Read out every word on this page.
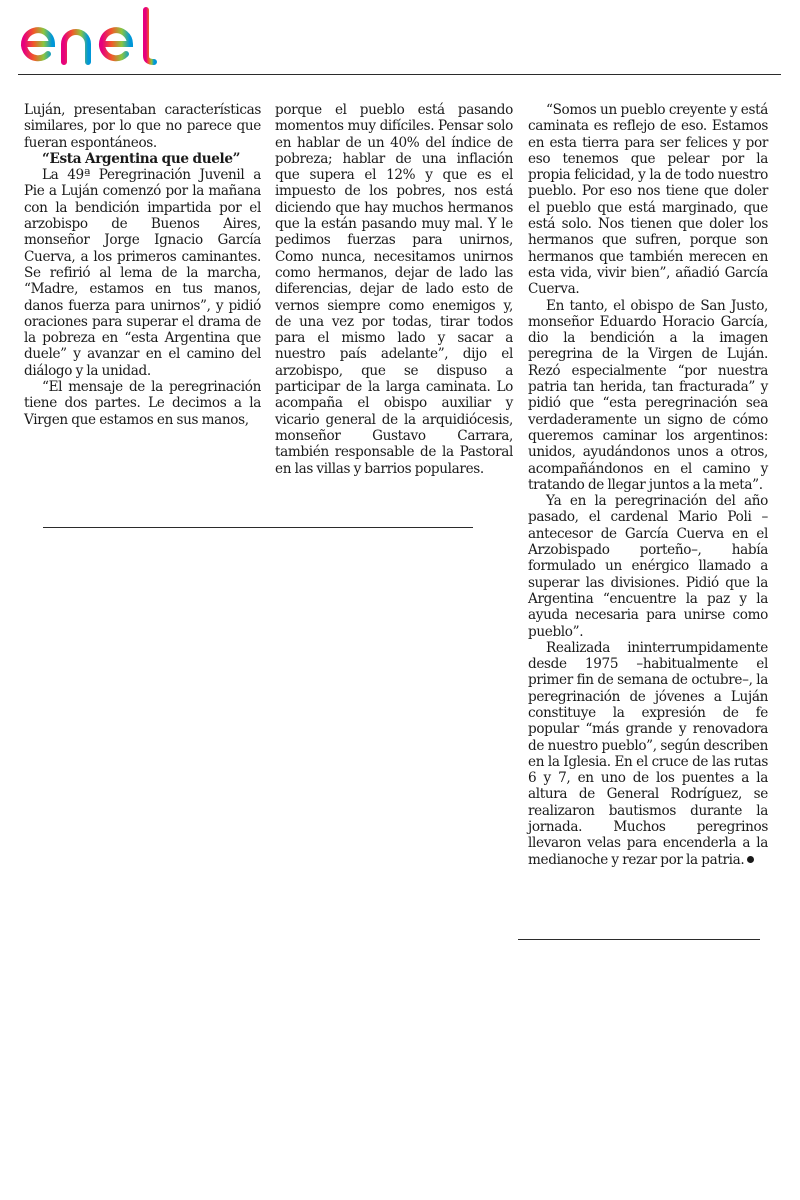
Luján, presentaban características similares, por lo que no parece que fueran espontáneos.

“Esta Argentina que duele”

La 49ª Peregrinación Juvenil a Pie a Luján comenzó por la mañana con la bendición impartida por el arzobispo de Buenos Aires, monseñor Jorge Ignacio García Cuerva, a los primeros caminantes. Se refirió al lema de la marcha, “Madre, estamos en tus manos, danos fuerza para unirnos”, y pidió oraciones para superar el drama de la pobreza en “esta Argentina que duele” y avanzar en el camino del diálogo y la unidad.

“El mensaje de la peregrinación tiene dos partes. Le decimos a la Virgen que estamos en sus manos,

porque el pueblo está pasando momentos muy difíciles. Pensar solo en hablar de un 40% del índice de pobreza; hablar de una inflación que supera el 12% y que es el impuesto de los pobres, nos está diciendo que hay muchos hermanos que la están pasando muy mal. Y le pedimos fuerzas para unirnos, Como nunca, necesitamos unirnos como hermanos, dejar de lado las diferencias, dejar de lado esto de vernos siempre como enemigos y, de una vez por todas, tirar todos para el mismo lado y sacar a nuestro país adelante”, dijo el arzobispo, que se dispuso a participar de la larga caminata. Lo acompaña el obispo auxiliar y vicario general de la arquidiócesis, monseñor Gustavo Carrara, también responsable de la Pastoral en las villas y barrios populares.

“Somos un pueblo creyente y está caminata es reflejo de eso. Estamos en esta tierra para ser felices y por eso tenemos que pelear por la propia felicidad, y la de todo nuestro pueblo. Por eso nos tiene que doler el pueblo que está marginado, que está solo. Nos tienen que doler los hermanos que sufren, porque son hermanos que también merecen en esta vida, vivir bien”, añadió García Cuerva.

En tanto, el obispo de San Justo, monseñor Eduardo Horacio García, dio la bendición a la imagen peregrina de la Virgen de Luján. Rezó especialmente “por nuestra patria tan herida, tan fracturada” y pidió que “esta peregrinación sea verdaderamente un signo de cómo queremos caminar los argentinos: unidos, ayudándonos unos a otros, acompañándonos en el camino y tratando de llegar juntos a la meta”.

Ya en la peregrinación del año pasado, el cardenal Mario Poli –antecesor de García Cuerva en el Arzobispado porteño–, había formulado un enérgico llamado a superar las divisiones. Pidió que la Argentina “encuentre la paz y la ayuda necesaria para unirse como pueblo”.

Realizada ininterrumpidamente desde 1975 –habitualmente el primer fin de semana de octubre–, la peregrinación de jóvenes a Luján constituye la expresión de fe popular “más grande y renovadora de nuestro pueblo”, según describen en la Iglesia. En el cruce de las rutas 6 y 7, en uno de los puentes a la altura de General Rodríguez, se realizaron bautismos durante la jornada. Muchos peregrinos llevaron velas para encenderla a la medianoche y rezar por la patria.
